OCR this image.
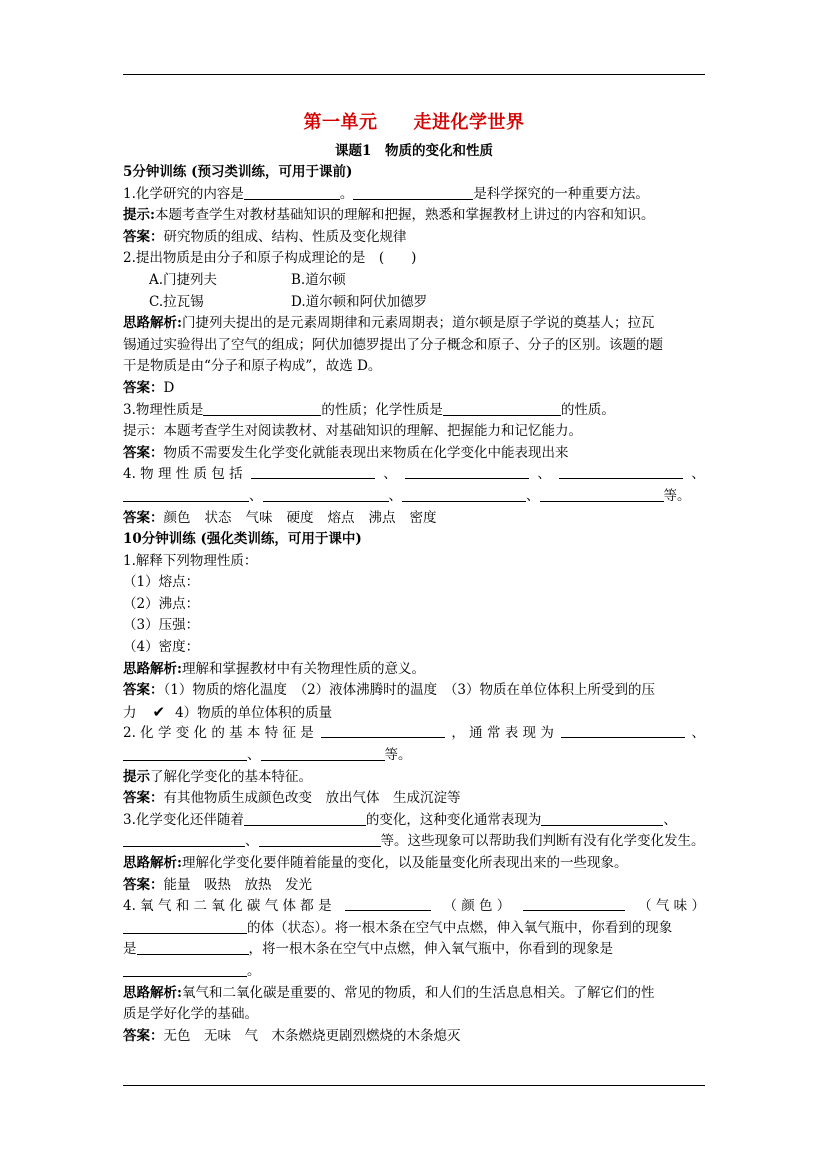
第一单元 走进化学世界
课题1　物质的变化和性质
5分钟训练 (预习类训练，可用于课前)
1.化学研究的内容是	。	是科学探究的一种重要方法。
提示:本题考查学生对教材基础知识的理解和把握，熟悉和掌握教材上讲过的内容和知识。
答案：研究物质的组成、结构、性质及变化规律
2.提出物质是由分子和原子构成理论的是　(　　)
A.门捷列夫	B.道尔顿
C.拉瓦锡	D.道尔顿和阿伏加德罗
思路解析:门捷列夫提出的是元素周期律和元素周期表；道尔顿是原子学说的奠基人；拉瓦
锡通过实验得出了空气的组成；阿伏加德罗提出了分子概念和原子、分子的区别。该题的题
干是物质是由“分子和原子构成”，故选 D。
答案：D
3.物理性质是	的性质；化学性质是	的性质。
提示：本题考查学生对阅读教材、对基础知识的理解、把握能力和记忆能力。
答案：物质不需要发生化学变化就能表现出来物质在化学变化中能表现出来
4. 物 理 性 质 包 括	、	、	、
、	、	、	等。
答案：颜色 状态 气味 硬度 熔点 沸点 密度
10分钟训练 (强化类训练，可用于课中)
1.解释下列物理性质：
（1）熔点：
（2）沸点：
（3）压强：
（4）密度：
思路解析:理解和掌握教材中有关物理性质的意义。
答案：（1）物质的熔化温度　（2）液体沸腾时的温度　（3）物质在单位体积上所受到的压
力 ✔ 4）物质的单位体积的质量
2. 化 学 变 化 的 基 本 特 征 是	， 通 常 表 现 为	、
、	等。
提示了解化学变化的基本特征。
答案：有其他物质生成颜色改变　放出气体　生成沉淀等
3.化学变化还伴随着	的变化，这种变化通常表现为	、
、	等。这些现象可以帮助我们判断有没有化学变化发生。
思路解析:理解化学变化要伴随着能量的变化，以及能量变化所表现出来的一些现象。
答案：能量　吸热　放热　发光
4. 氧 气 和 二 氧 化 碳 气 体 都 是	（ 颜 色 ）	（ 气 味 ）
的体（状态）。将一根木条在空气中点燃，伸入氧气瓶中，你看到的现象
是	，将一根木条在空气中点燃，伸入氧气瓶中，你看到的现象是
。
思路解析:氧气和二氧化碳是重要的、常见的物质，和人们的生活息息相关。了解它们的性
质是学好化学的基础。
答案：无色　无味　气　木条燃烧更剧烈燃烧的木条熄灭
